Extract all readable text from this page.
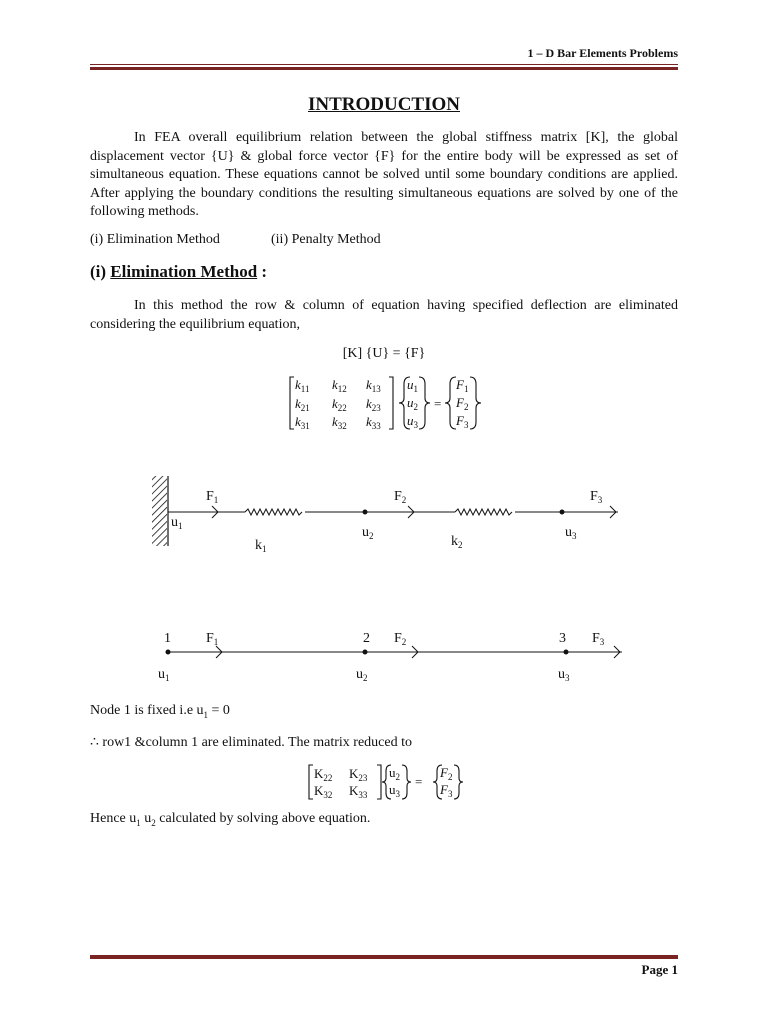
1 – D Bar Elements Problems
INTRODUCTION

In FEA overall equilibrium relation between the global stiffness matrix [K], the global displacement vector {U} & global force vector {F} for the entire body will be expressed as set of simultaneous equation. These equations cannot be solved until some boundary conditions are applied. After applying the boundary conditions the resulting simultaneous equations are solved by one of the following methods.

(i) Elimination Method	(ii) Penalty Method
(i) Elimination Method :

In this method the row & column of equation having specified deflection are eliminated considering the equilibrium equation,

[K] {U} = {F}
$k_{11}$ $k_{12}$ $k_{13}$
$k_{21}$ $k_{22}$ $k_{23}$
$k_{31}$ $k_{32}$ $k_{33}$
$u_1$
$u_2$
$u_3$
$F_1$
$F_2$
$F_3$
=
$F_1$	$F_2$	$F_3$
$u_1$	$u_2$	$u_3$
$k_1$	$k_2$
1	2	3
$F_1$	$F_2$	$F_3$
$u_1$	$u_2$	$u_3$
Node 1 is fixed i.e $u_1 = 0$
∴ row1 &column 1 are eliminated. The matrix reduced to
$K_{22}$ $K_{23}$
$K_{32}$ $K_{33}$
$u_2$
$u_3$
=
$F_2$
$F_3$
Hence $u_1$ $u_2$ calculated by solving above equation.
Page 1
